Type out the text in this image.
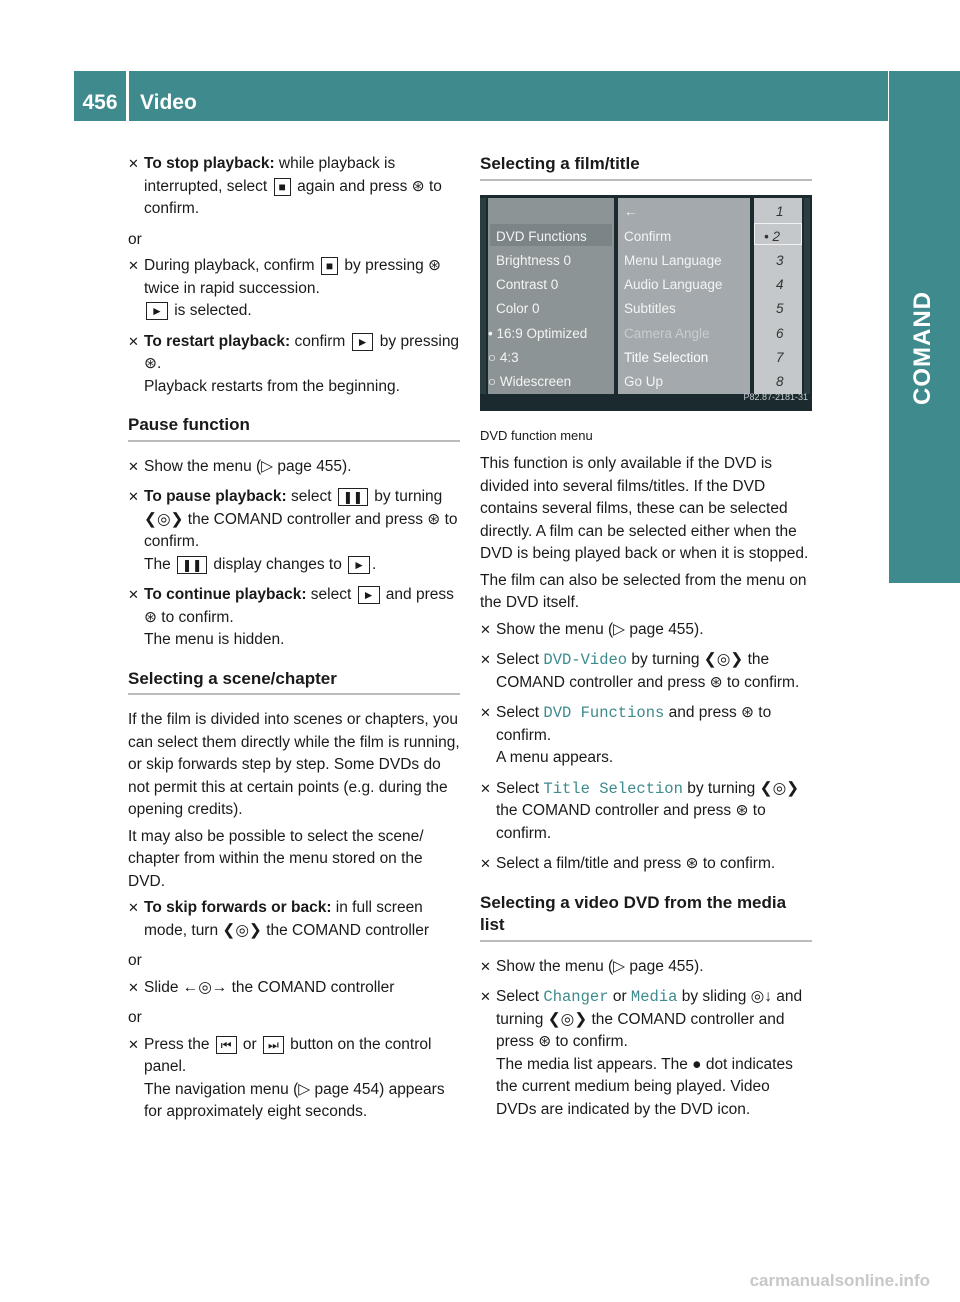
456	Video
COMAND
✕ To stop playback: while playback is interrupted, select ■ again and press ⊛ to confirm.

or

✕ During playback, confirm ■ by pressing ⊛ twice in rapid succession.
► is selected.
✕ To restart playback: confirm ► by pressing ⊛.
Playback restarts from the beginning.
Pause function
✕ Show the menu (▷ page 455).
✕ To pause playback: select ❚❚ by turning ❮◎❯ the COMAND controller and press ⊛ to confirm.
The ❚❚ display changes to ► .
✕ To continue playback: select ► and press ⊛ to confirm.
The menu is hidden.
Selecting a scene/chapter

If the film is divided into scenes or chapters, you can select them directly while the film is running, or skip forwards step by step. Some DVDs do not permit this at certain points (e.g. during the opening credits).

It may also be possible to select the scene/ chapter from within the menu stored on the DVD.

✕ To skip forwards or back: in full screen mode, turn ❮◎❯ the COMAND controller

or

✕ Slide ←◎→ the COMAND controller

or

✕ Press the ⏮ or ⏭ button on the control panel.
The navigation menu (▷ page 454) appears for approximately eight seconds.
Selecting a film/title
DVD Functions
Brightness 0
Contrast 0
Color 0
• 16:9 Optimized
○ 4:3
○ Widescreen
←
Confirm
Menu Language
Audio Language
Subtitles
Camera Angle
Title Selection
Go Up
1
• 2
3
4
5
6
7
8
P82.87-2181-31

DVD function menu

This function is only available if the DVD is divided into several films/titles. If the DVD contains several films, these can be selected directly. A film can be selected either when the DVD is being played back or when it is stopped.

The film can also be selected from the menu on the DVD itself.

✕ Show the menu (▷ page 455).
✕ Select DVD-Video by turning ❮◎❯ the COMAND controller and press ⊛ to confirm.
✕ Select DVD Functions and press ⊛ to confirm.
A menu appears.
✕ Select Title Selection by turning ❮◎❯ the COMAND controller and press ⊛ to confirm.
✕ Select a film/title and press ⊛ to confirm.
Selecting a video DVD from the media list
✕ Show the menu (▷ page 455).
✕ Select Changer or Media by sliding ◎↓ and turning ❮◎❯ the COMAND controller and press ⊛ to confirm.
The media list appears. The ● dot indicates the current medium being played. Video DVDs are indicated by the DVD icon.
carmanualsonline.info
